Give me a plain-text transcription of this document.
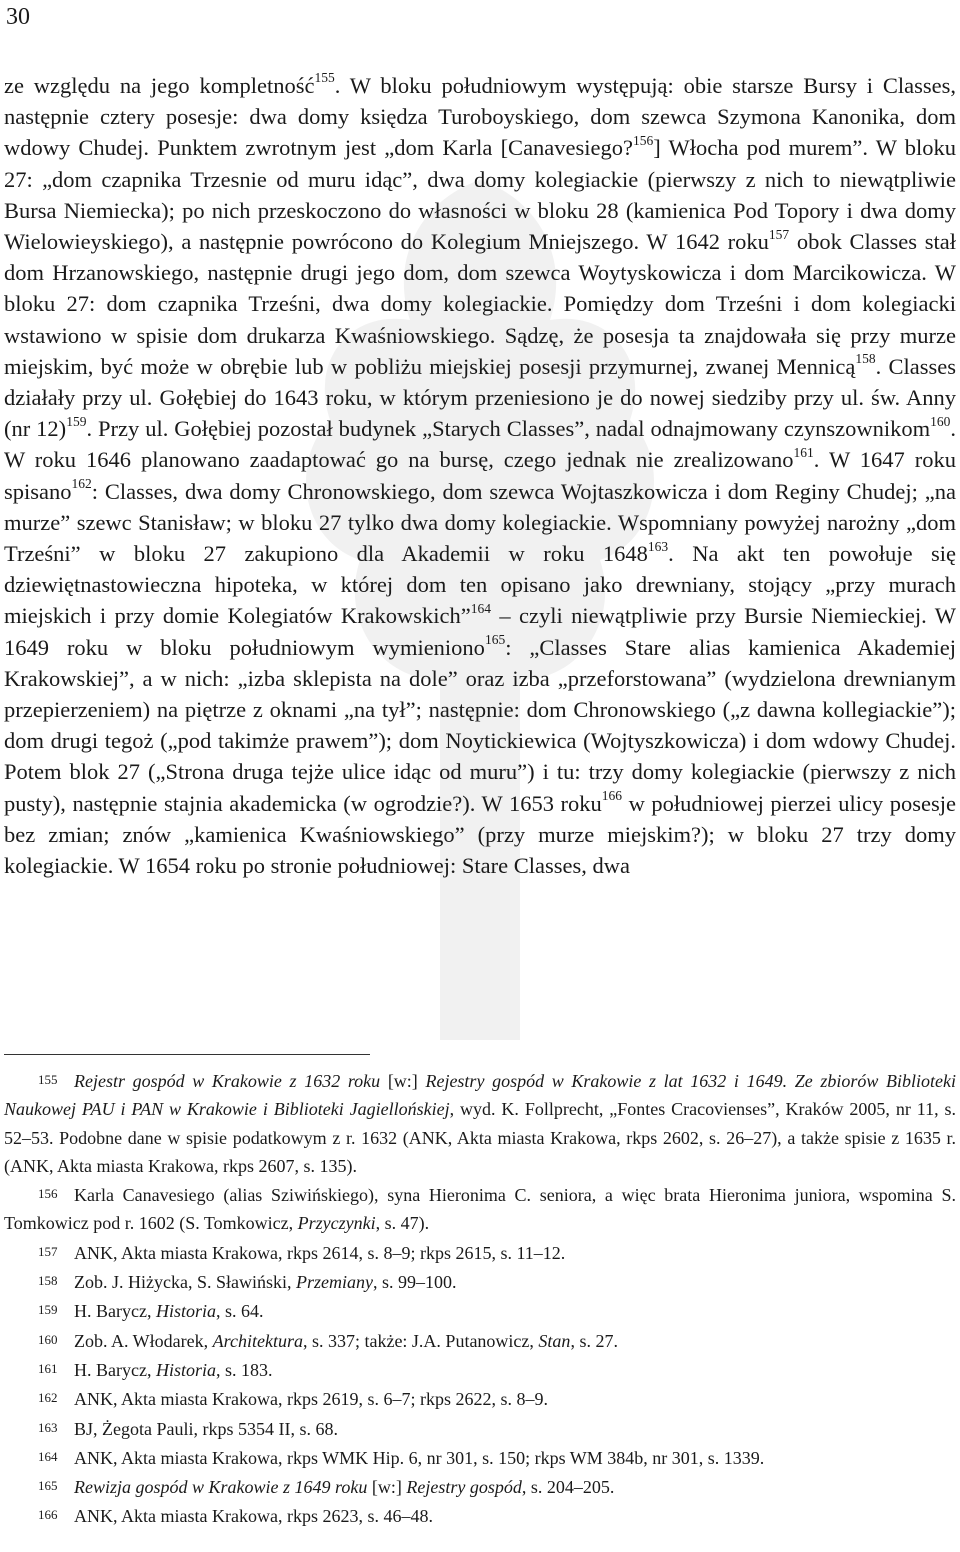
30

ze względu na jego kompletność$^{155}$. W bloku południowym występują: obie starsze Bursy i Classes, następnie cztery posesje: dwa domy księdza Turoboyskiego, dom szewca Szymona Kanonika, dom wdowy Chudej. Punktem zwrotnym jest „dom Karla [Canavesiego?$^{156}$] Włocha pod murem”. W bloku 27: „dom czapnika Trzesnie od muru idąc”, dwa domy kolegiackie (pierwszy z nich to niewątpliwie Bursa Niemiecka); po nich przeskoczono do własności w bloku 28 (kamienica Pod Topory i dwa domy Wielowieyskiego), a następnie powrócono do Kolegium Mniejszego. W 1642 roku$^{157}$ obok Classes stał dom Hrzanowskiego, następnie drugi jego dom, dom szewca Woytyskowicza i dom Marcikowicza. W bloku 27: dom czapnika Trześni, dwa domy kolegiackie. Pomiędzy dom Trześni i dom kolegiacki wstawiono w spisie dom drukarza Kwaśniowskiego. Sądzę, że posesja ta znajdowała się przy murze miejskim, być może w obrębie lub w pobliżu miejskiej posesji przymurnej, zwanej Mennicą$^{158}$. Classes działały przy ul. Gołębiej do 1643 roku, w którym przeniesiono je do nowej siedziby przy ul. św. Anny (nr 12)$^{159}$. Przy ul. Gołębiej pozostał budynek „Starych Classes”, nadal odnajmowany czynszownikom$^{160}$. W roku 1646 planowano zaadaptować go na bursę, czego jednak nie zrealizowano$^{161}$. W 1647 roku spisano$^{162}$: Classes, dwa domy Chronowskiego, dom szewca Wojtaszkowicza i dom Reginy Chudej; „na murze” szewc Stanisław; w bloku 27 tylko dwa domy kolegiackie. Wspomniany powyżej narożny „dom Trześni” w bloku 27 zakupiono dla Akademii w roku 1648$^{163}$. Na akt ten powołuje się dziewiętnastowieczna hipoteka, w której dom ten opisano jako drewniany, stojący „przy murach miejskich i przy domie Kolegiatów Krakowskich”$^{164}$ – czyli niewątpliwie przy Bursie Niemieckiej. W 1649 roku w bloku południowym wymieniono$^{165}$: „Classes Stare alias kamienica Akademiej Krakowskiej”, a w nich: „izba sklepista na dole” oraz izba „przeforstowana” (wydzielona drewnianym przepierzeniem) na piętrze z oknami „na tył”; następnie: dom Chronowskiego („z dawna kollegiackie”); dom drugi tegoż („pod takimże prawem”); dom Noytickiewica (Wojtyszkowicza) i dom wdowy Chudej. Potem blok 27 („Strona druga tejże ulice idąc od muru”) i tu: trzy domy kolegiackie (pierwszy z nich pusty), następnie stajnia akademicka (w ogrodzie?). W 1653 roku$^{166}$ w południowej pierzei ulicy posesje bez zmian; znów „kamienica Kwaśniowskiego” (przy murze miejskim?); w bloku 27 trzy domy kolegiackie. W 1654 roku po stronie południowej: Stare Classes, dwa

155 Rejestr gospód w Krakowie z 1632 roku [w:] Rejestry gospód w Krakowie z lat 1632 i 1649. Ze zbiorów Biblioteki Naukowej PAU i PAN w Krakowie i Biblioteki Jagiellońskiej, wyd. K. Follprecht, „Fontes Cracovienses”, Kraków 2005, nr 11, s. 52–53. Podobne dane w spisie podatkowym z r. 1632 (ANK, Akta miasta Krakowa, rkps 2602, s. 26–27), a także spisie z 1635 r. (ANK, Akta miasta Krakowa, rkps 2607, s. 135).

156 Karla Canavesiego (alias Sziwińskiego), syna Hieronima C. seniora, a więc brata Hieronima juniora, wspomina S. Tomkowicz pod r. 1602 (S. Tomkowicz, Przyczynki, s. 47).

157 ANK, Akta miasta Krakowa, rkps 2614, s. 8–9; rkps 2615, s. 11–12.

158 Zob. J. Hiżycka, S. Sławiński, Przemiany, s. 99–100.

159 H. Barycz, Historia, s. 64.

160 Zob. A. Włodarek, Architektura, s. 337; także: J.A. Putanowicz, Stan, s. 27.

161 H. Barycz, Historia, s. 183.

162 ANK, Akta miasta Krakowa, rkps 2619, s. 6–7; rkps 2622, s. 8–9.

163 BJ, Żegota Pauli, rkps 5354 II, s. 68.

164 ANK, Akta miasta Krakowa, rkps WMK Hip. 6, nr 301, s. 150; rkps WM 384b, nr 301, s. 1339.

165 Rewizja gospód w Krakowie z 1649 roku [w:] Rejestry gospód, s. 204–205.

166 ANK, Akta miasta Krakowa, rkps 2623, s. 46–48.
